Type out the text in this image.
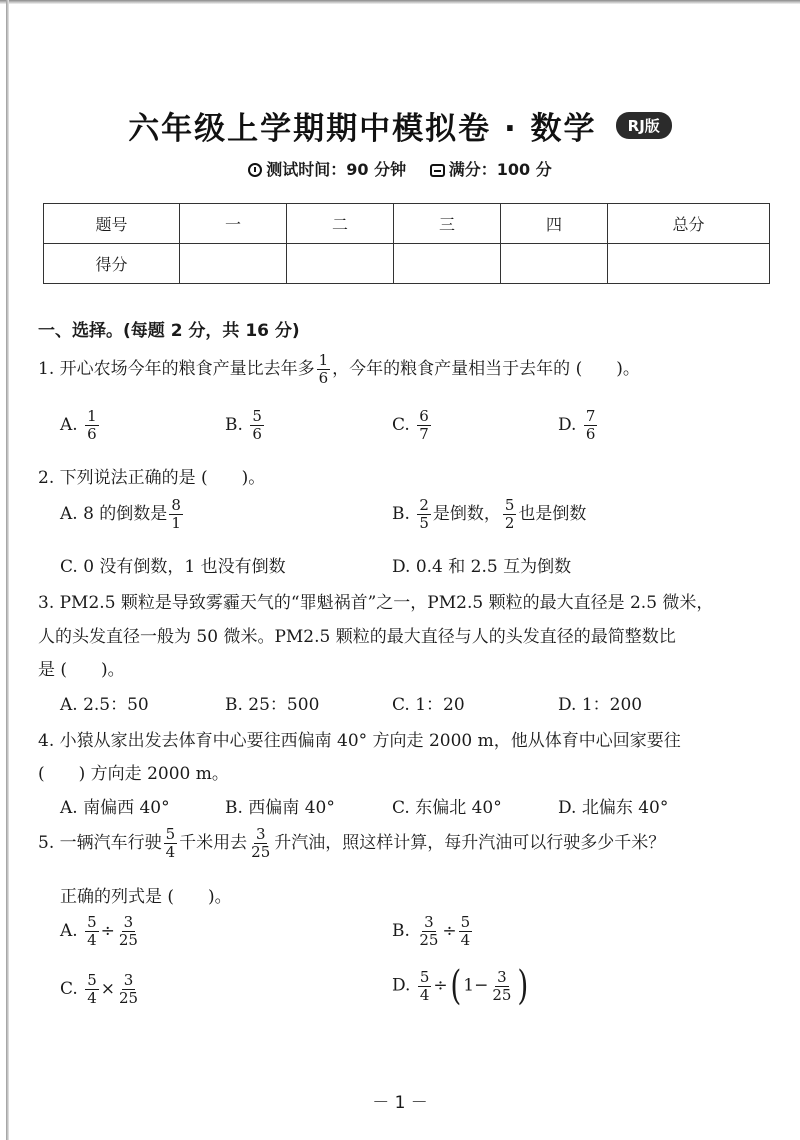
六年级上学期期中模拟卷 · 数学 RJ版
测试时间：90 分钟	满分：100 分
题号	一	二	三	四	总分
得分					
一、选择。(每题 2 分，共 16 分)
1. 开心农场今年的粮食产量比去年多 $\frac{1}{6}$ ，今年的粮食产量相当于去年的 (　　)。
A. $\frac{1}{6}$	B. $\frac{5}{6}$	C. $\frac{6}{7}$	D. $\frac{7}{6}$
2. 下列说法正确的是 (　　)。
A. 8 的倒数是 $\frac{8}{1}$	B. $\frac{2}{5}$ 是倒数， $\frac{5}{2}$ 也是倒数
C. 0 没有倒数，1 也没有倒数	D. 0.4 和 2.5 互为倒数
3. PM2.5 颗粒是导致雾霾天气的“罪魁祸首”之一，PM2.5 颗粒的最大直径是 2.5 微米，
人的头发直径一般为 50 微米。PM2.5 颗粒的最大直径与人的头发直径的最简整数比
是 (　　)。
A. 2.5：50	B. 25：500	C. 1：20	D. 1：200
4. 小猿从家出发去体育中心要往西偏南 40° 方向走 2000 m，他从体育中心回家要往
(　　) 方向走 2000 m。
A. 南偏西 40°	B. 西偏南 40°	C. 东偏北 40°	D. 北偏东 40°
5. 一辆汽车行驶 $\frac{5}{4}$ 千米用去 $\frac{3}{25}$ 升汽油，照这样计算，每升汽油可以行驶多少千米？
正确的列式是 (　　)。
A. $\frac{5}{4} \div \frac{3}{25}$	B. $\frac{3}{25} \div \frac{5}{4}$
C. $\frac{5}{4} \times \frac{3}{25}$	D. $\frac{5}{4}$ ÷( $1- \frac{3}{25}$ )
－ 1 －
